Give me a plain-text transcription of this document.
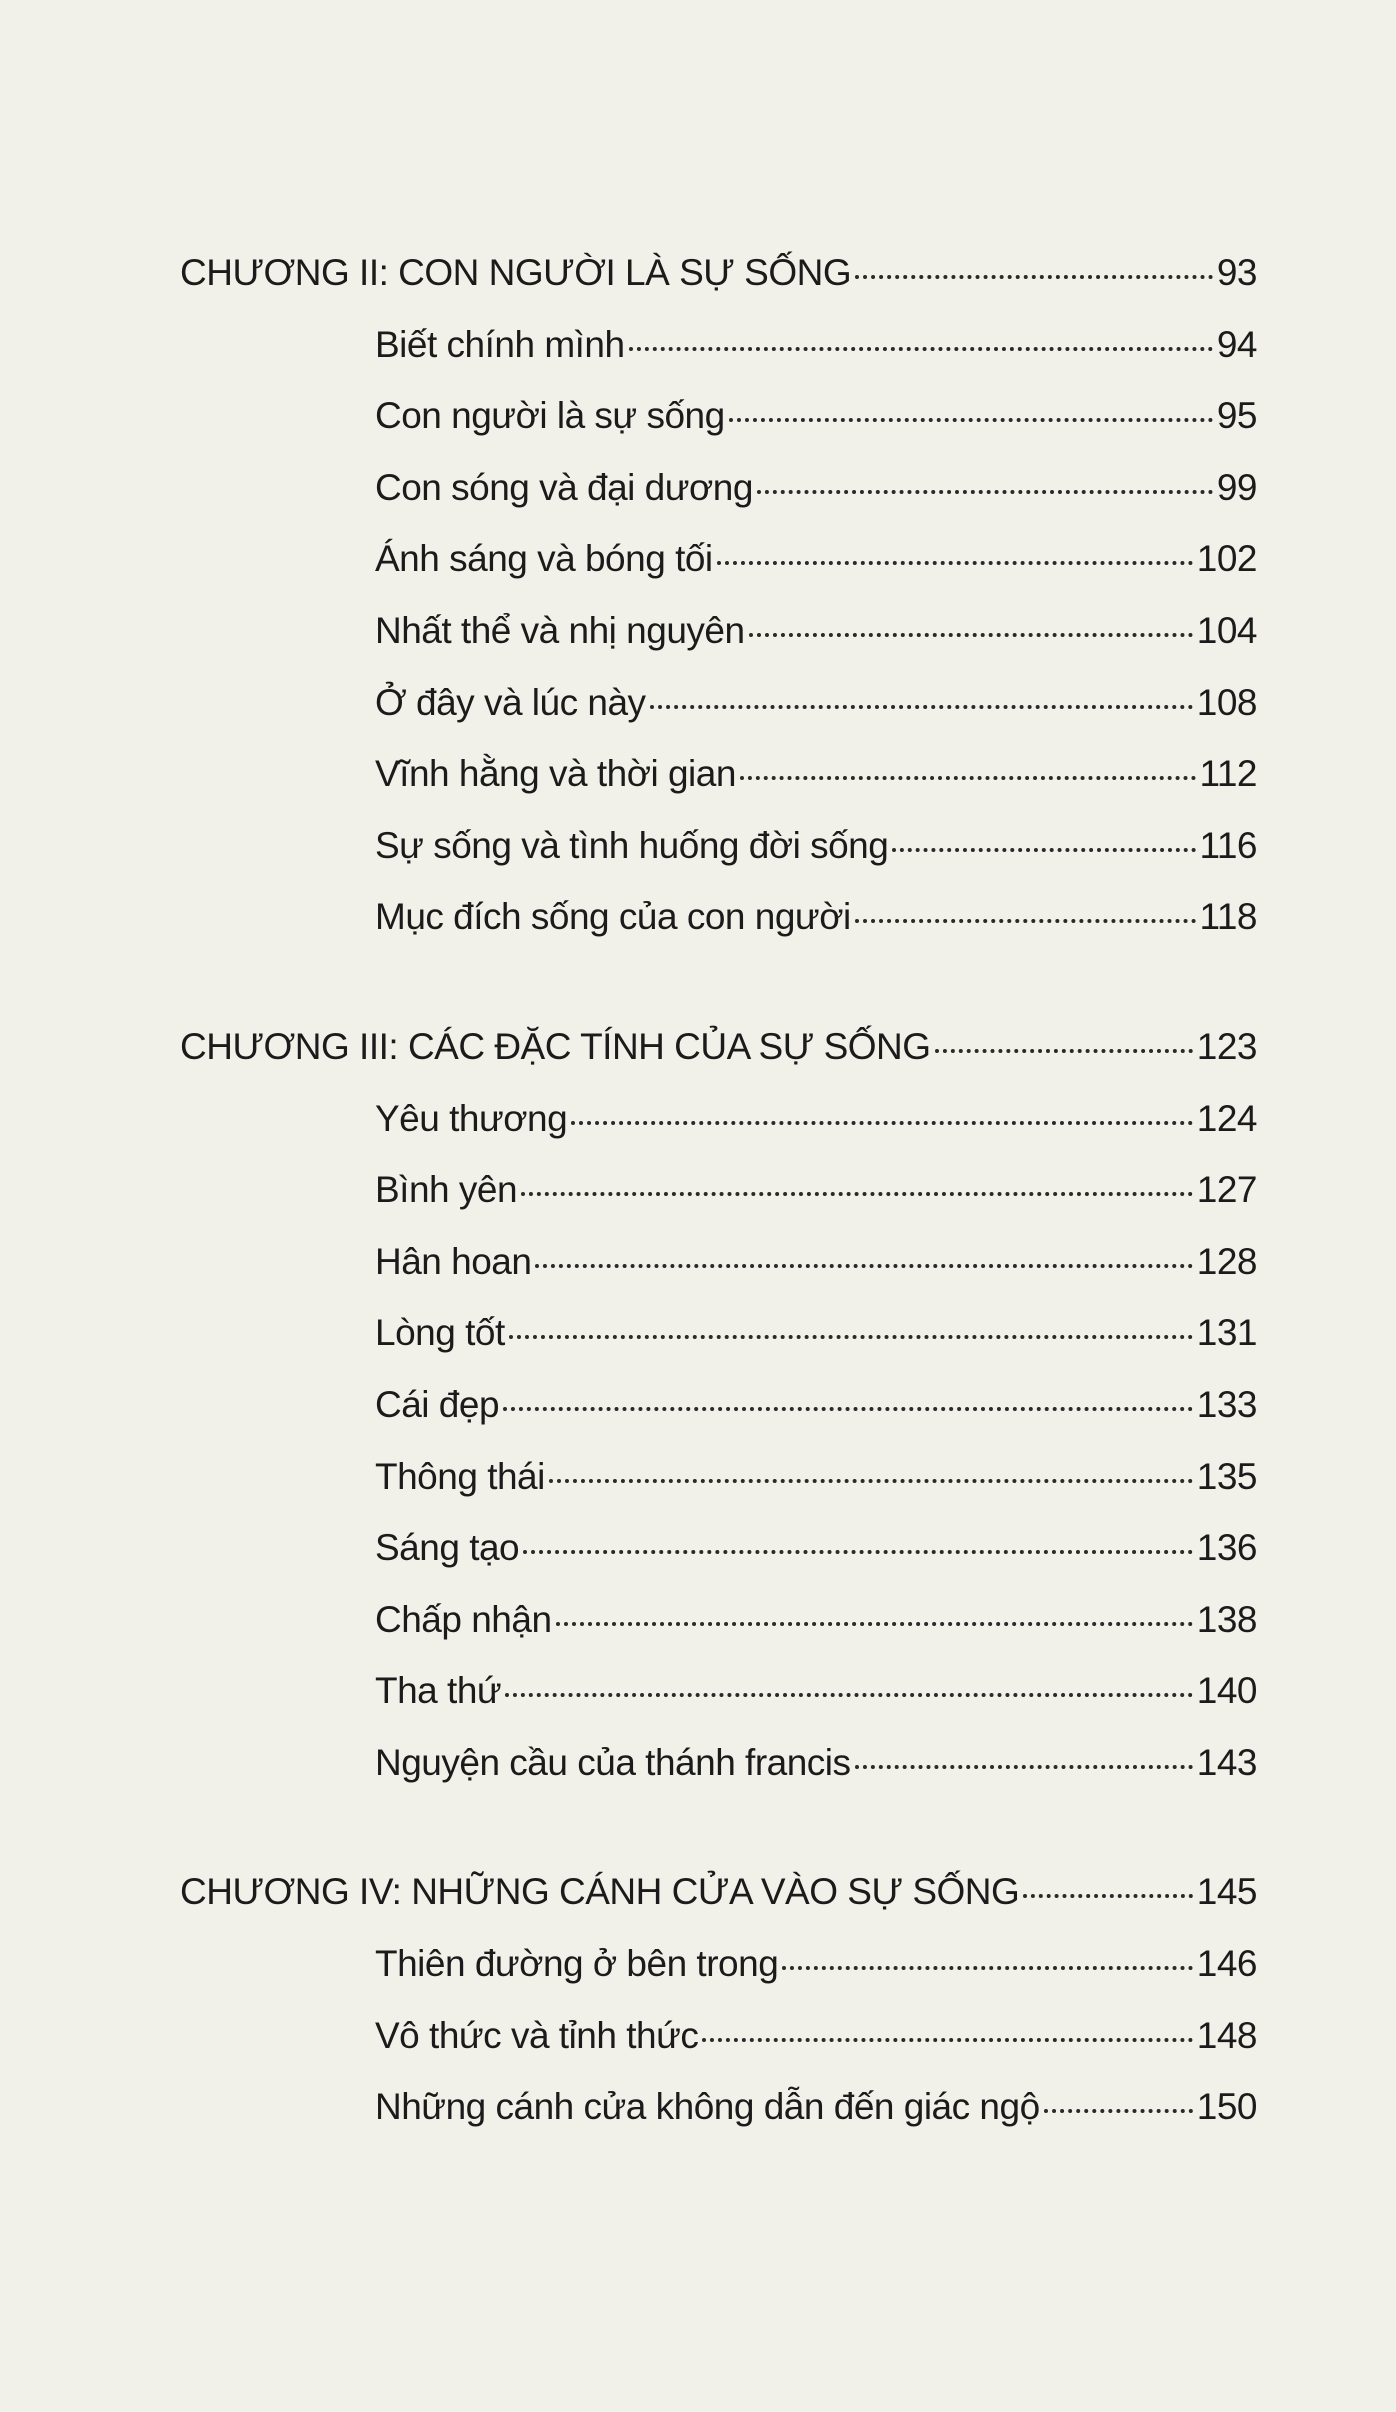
CHƯƠNG II: CON NGƯỜI LÀ SỰ SỐNG	93
Biết chính mình	94
Con người là sự sống	95
Con sóng và đại dương	99
Ánh sáng và bóng tối	102
Nhất thể và nhị nguyên	104
Ở đây và lúc này	108
Vĩnh hằng và thời gian	112
Sự sống và tình huống đời sống	116
Mục đích sống của con người	118
CHƯƠNG III: CÁC ĐẶC TÍNH CỦA SỰ SỐNG	123
Yêu thương	124
Bình yên	127
Hân hoan	128
Lòng tốt	131
Cái đẹp	133
Thông thái	135
Sáng tạo	136
Chấp nhận	138
Tha thứ	140
Nguyện cầu của thánh francis	143
CHƯƠNG IV: NHỮNG CÁNH CỬA VÀO SỰ SỐNG	145
Thiên đường ở bên trong	146
Vô thức và tỉnh thức	148
Những cánh cửa không dẫn đến giác ngộ	150
